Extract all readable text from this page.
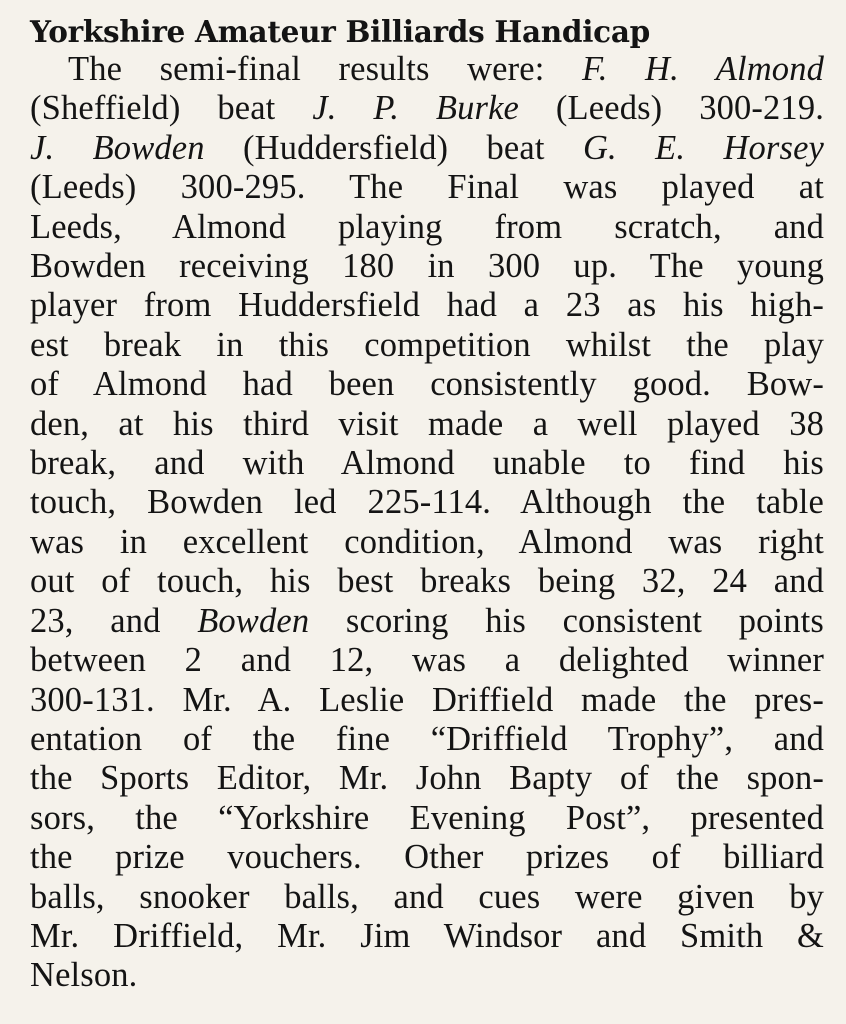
Yorkshire Amateur Billiards Handicap
The semi-final results were: F. H. Almond
(Sheffield) beat J. P. Burke (Leeds) 300-219.
J. Bowden (Huddersfield) beat G. E. Horsey
(Leeds) 300-295. The Final was played at
Leeds, Almond playing from scratch, and
Bowden receiving 180 in 300 up. The young
player from Huddersfield had a 23 as his high-
est break in this competition whilst the play
of Almond had been consistently good. Bow-
den, at his third visit made a well played 38
break, and with Almond unable to find his
touch, Bowden led 225-114. Although the table
was in excellent condition, Almond was right
out of touch, his best breaks being 32, 24 and
23, and Bowden scoring his consistent points
between 2 and 12, was a delighted winner
300-131. Mr. A. Leslie Driffield made the pres-
entation of the fine “Driffield Trophy”, and
the Sports Editor, Mr. John Bapty of the spon-
sors, the “Yorkshire Evening Post”, presented
the prize vouchers. Other prizes of billiard
balls, snooker balls, and cues were given by
Mr. Driffield, Mr. Jim Windsor and Smith &
Nelson.
